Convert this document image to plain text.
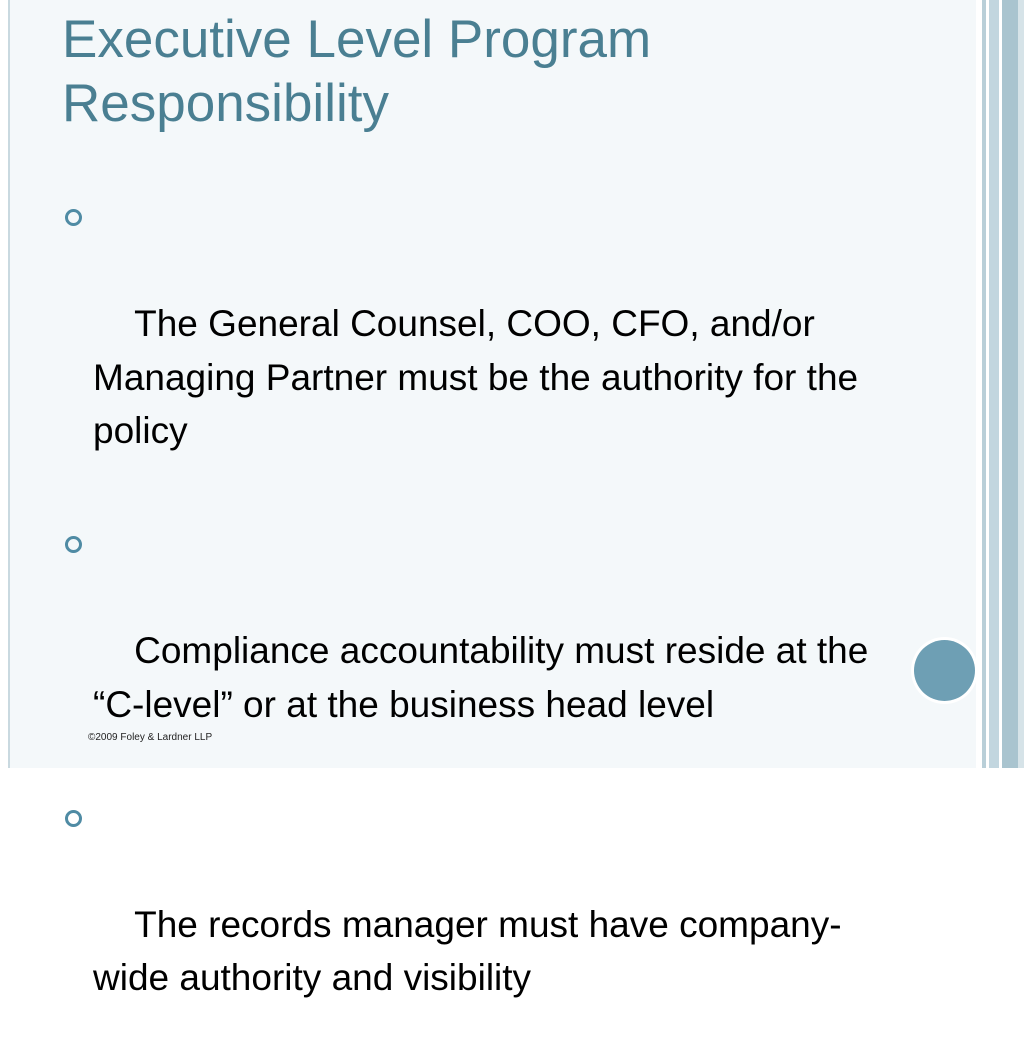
Executive Level Program Responsibility

The General Counsel, COO, CFO, and/or  Managing Partner must be the authority for the policy

Compliance accountability must reside at the “C-level” or at the business head level

The records manager must have company-wide authority and visibility

©2009 Foley & Lardner LLP
